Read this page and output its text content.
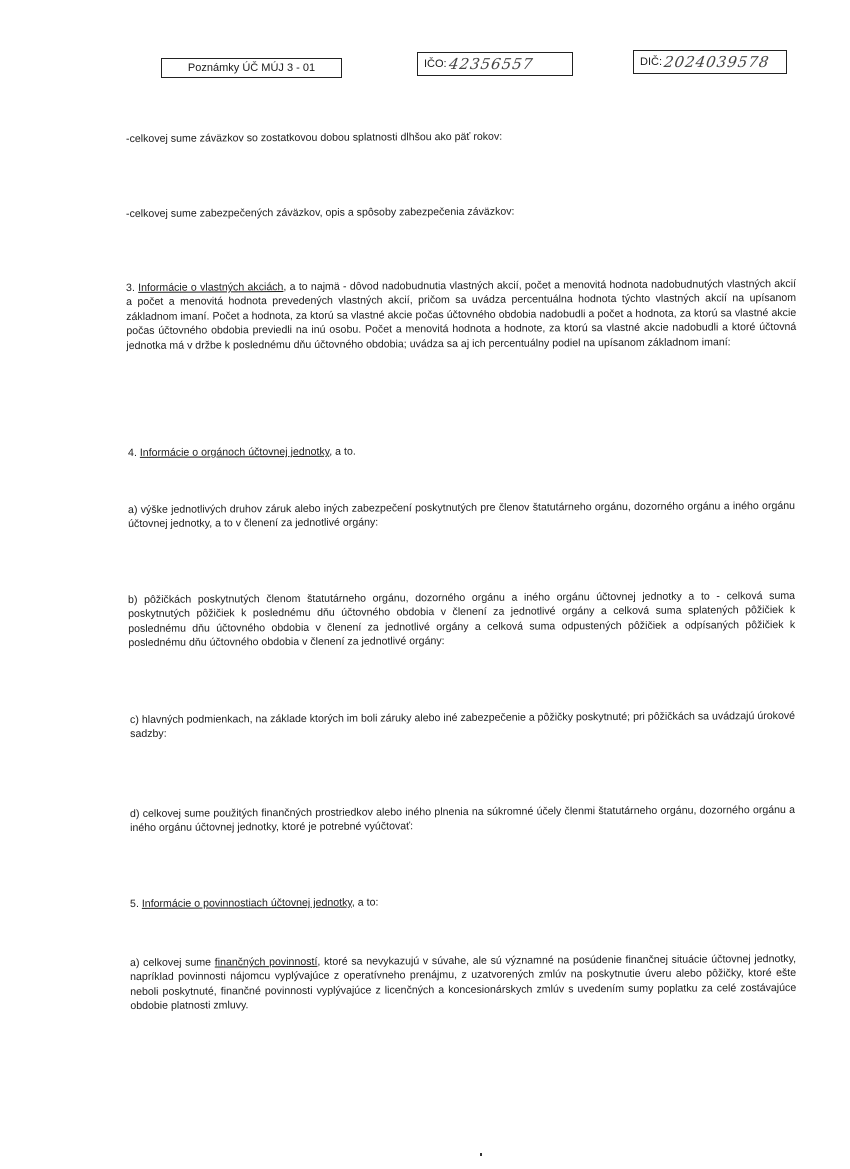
Poznámky ÚČ MÚJ 3 - 01	IČO: 42356557	DIČ: 2024039578

-celkovej sume záväzkov so zostatkovou dobou splatnosti dlhšou ako päť rokov:

-celkovej sume zabezpečených záväzkov, opis a spôsoby zabezpečenia záväzkov:

3. Informácie o vlastných akciách, a to najmä - dôvod nadobudnutia vlastných akcií, počet a menovitá hodnota nadobudnutých vlastných akcií a počet a menovitá hodnota prevedených vlastných akcií, pričom sa uvádza percentuálna hodnota týchto vlastných akcií na upísanom základnom imaní. Počet a hodnota, za ktorú sa vlastné akcie počas účtovného obdobia nadobudli a počet a hodnota, za ktorú sa vlastné akcie počas účtovného obdobia previedli na inú osobu. Počet a menovitá hodnota a hodnote, za ktorú sa vlastné akcie nadobudli a ktoré účtovná jednotka má v držbe k poslednému dňu účtovného obdobia; uvádza sa aj ich percentuálny podiel na upísanom základnom imaní:

4. Informácie o orgánoch účtovnej jednotky, a to.

a) výške jednotlivých druhov záruk alebo iných zabezpečení poskytnutých pre členov štatutárneho orgánu, dozorného orgánu a iného orgánu účtovnej jednotky, a to v členení za jednotlivé orgány:

b) pôžičkách poskytnutých členom štatutárneho orgánu, dozorného orgánu a iného orgánu účtovnej jednotky a to - celková suma poskytnutých pôžičiek k poslednému dňu účtovného obdobia v členení za jednotlivé orgány a celková suma splatených pôžičiek k poslednému dňu účtovného obdobia v členení za jednotlivé orgány a celková suma odpustených pôžičiek a odpísaných pôžičiek k poslednému dňu účtovného obdobia v členení za jednotlivé orgány:

c) hlavných podmienkach, na základe ktorých im boli záruky alebo iné zabezpečenie a pôžičky poskytnuté; pri pôžičkách sa uvádzajú úrokové sadzby:

d) celkovej sume použitých finančných prostriedkov alebo iného plnenia na súkromné účely členmi štatutárneho orgánu, dozorného orgánu a iného orgánu účtovnej jednotky, ktoré je potrebné vyúčtovať:

5. Informácie o povinnostiach účtovnej jednotky, a to:

a) celkovej sume finančných povinností, ktoré sa nevykazujú v súvahe, ale sú významné na posúdenie finančnej situácie účtovnej jednotky, napríklad povinnosti nájomcu vyplývajúce z operatívneho prenájmu, z uzatvorených zmlúv na poskytnutie úveru alebo pôžičky, ktoré ešte neboli poskytnuté, finančné povinnosti vyplývajúce z licenčných a koncesionárskych zmlúv s uvedením sumy poplatku za celé zostávajúce obdobie platnosti zmluvy.
